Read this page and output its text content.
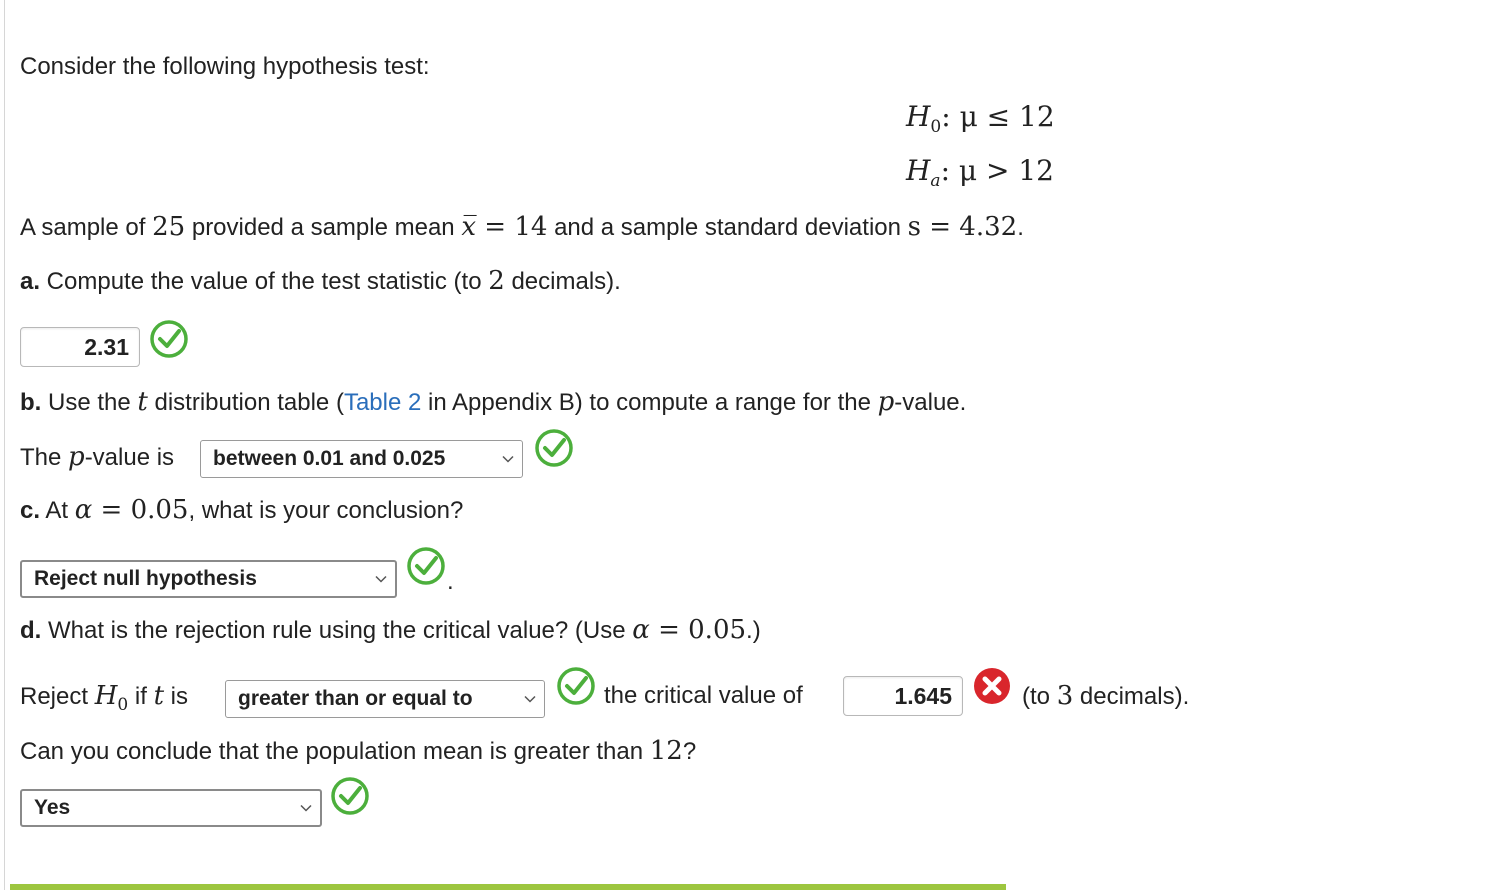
Consider the following hypothesis test:
$H_0$: μ ≤ 12
$H_a$: μ > 12
A sample of 25 provided a sample mean x̅ = 14 and a sample standard deviation s = 4.32.
a. Compute the value of the test statistic (to 2 decimals).
2.31
b. Use the t distribution table (Table 2 in Appendix B) to compute a range for the p-value.
The p-value is between 0.01 and 0.025
c. At α = 0.05, what is your conclusion?
Reject null hypothesis	.
d. What is the rejection rule using the critical value? (Use α = 0.05.)
Reject $H_0$ if t is greater than or equal to	the critical value of	1.645	(to 3 decimals).
Can you conclude that the population mean is greater than 12?
Yes
